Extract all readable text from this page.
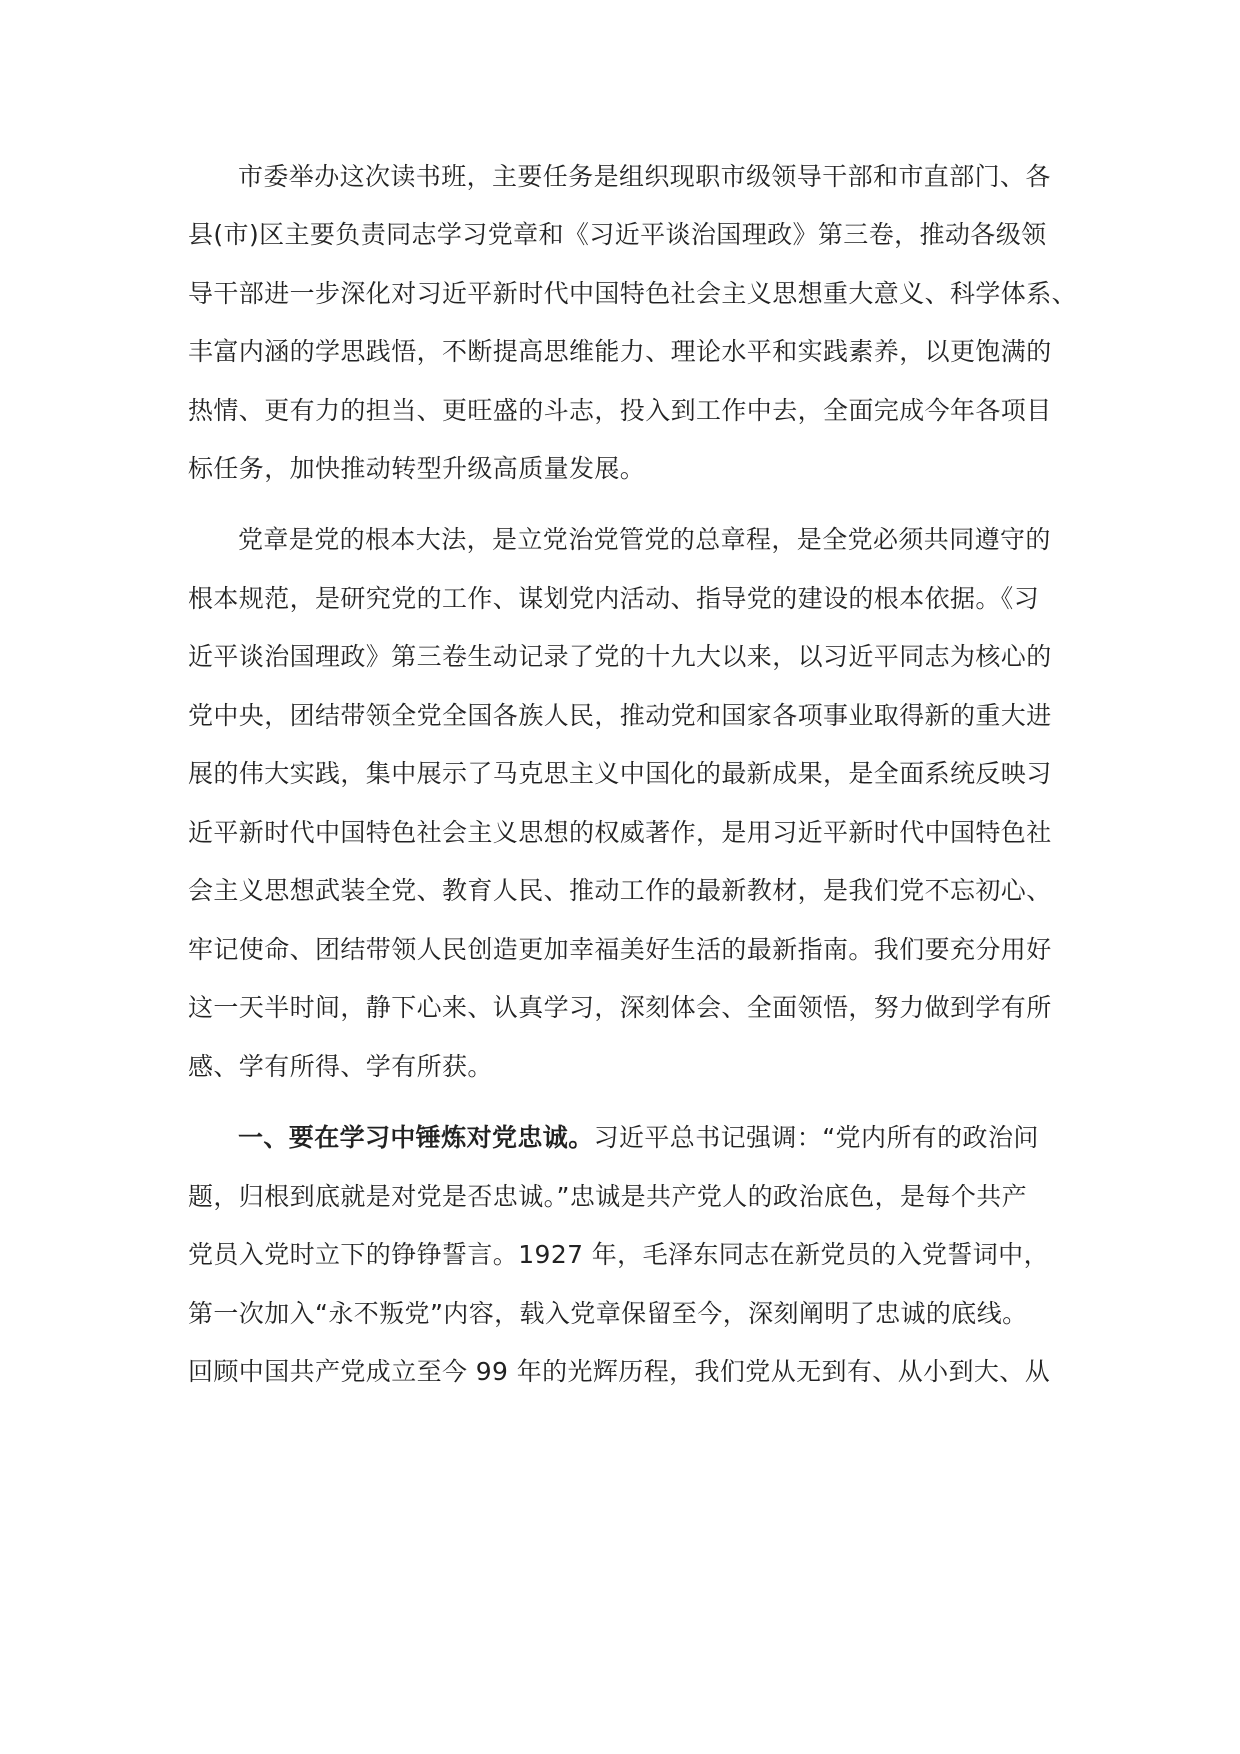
市委举办这次读书班，主要任务是组织现职市级领导干部和市直部门、各

县(市)区主要负责同志学习党章和《习近平谈治国理政》第三卷，推动各级领

导干部进一步深化对习近平新时代中国特色社会主义思想重大意义、科学体系、

丰富内涵的学思践悟，不断提高思维能力、理论水平和实践素养，以更饱满的

热情、更有力的担当、更旺盛的斗志，投入到工作中去，全面完成今年各项目

标任务，加快推动转型升级高质量发展。

党章是党的根本大法，是立党治党管党的总章程，是全党必须共同遵守的

根本规范，是研究党的工作、谋划党内活动、指导党的建设的根本依据。《习

近平谈治国理政》第三卷生动记录了党的十九大以来，以习近平同志为核心的

党中央，团结带领全党全国各族人民，推动党和国家各项事业取得新的重大进

展的伟大实践，集中展示了马克思主义中国化的最新成果，是全面系统反映习

近平新时代中国特色社会主义思想的权威著作，是用习近平新时代中国特色社

会主义思想武装全党、教育人民、推动工作的最新教材，是我们党不忘初心、

牢记使命、团结带领人民创造更加幸福美好生活的最新指南。我们要充分用好

这一天半时间，静下心来、认真学习，深刻体会、全面领悟，努力做到学有所

感、学有所得、学有所获。

一、要在学习中锤炼对党忠诚。习近平总书记强调：“党内所有的政治问

题，归根到底就是对党是否忠诚。”忠诚是共产党人的政治底色，是每个共产

党员入党时立下的铮铮誓言。1927 年，毛泽东同志在新党员的入党誓词中，

第一次加入“永不叛党”内容，载入党章保留至今，深刻阐明了忠诚的底线。

回顾中国共产党成立至今 99 年的光辉历程，我们党从无到有、从小到大、从
